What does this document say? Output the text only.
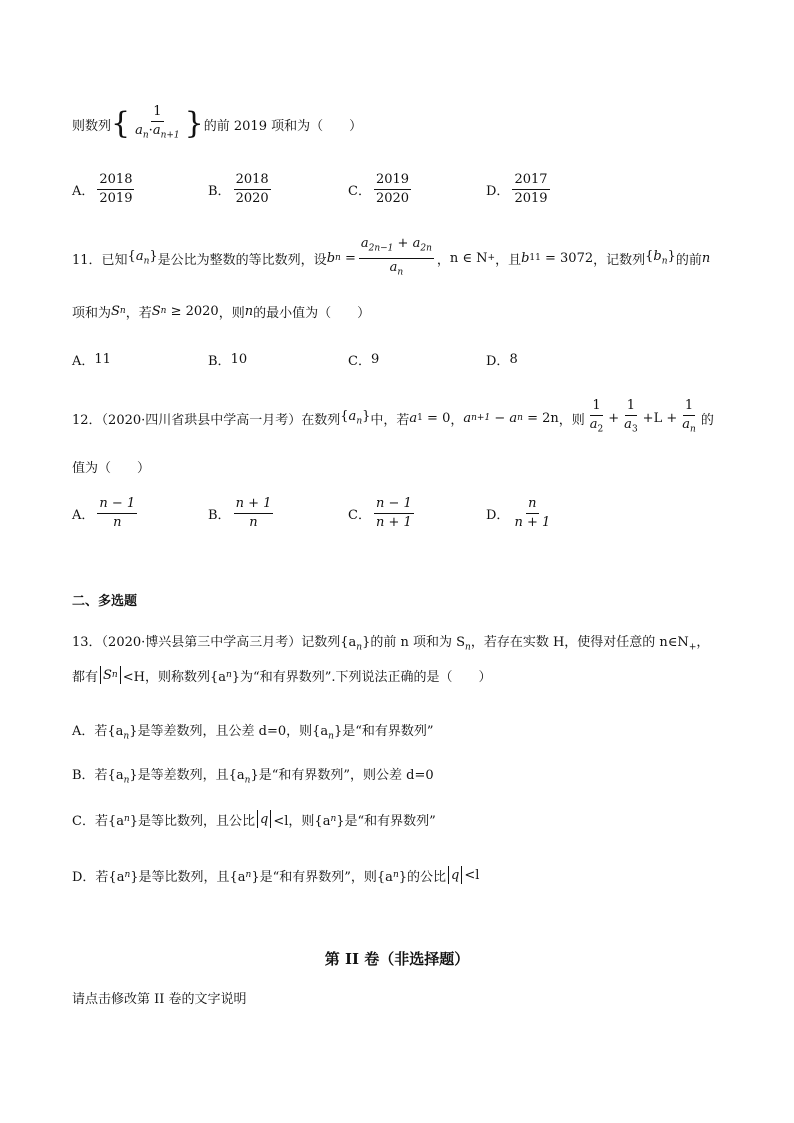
则数列 { $\frac{1}{a_n\cdot a_{n+1}}$ } 的前 2019 项和为（　　）
A． $\frac{2018}{2019}$	B． $\frac{2018}{2020}$	C． $\frac{2019}{2020}$	D． $\frac{2017}{2019}$
11．已知 $\{a_n\}$ 是公比为整数的等比数列，设 b $n = \frac{a_{2n-1} + a_{2n}}{a_n}$ ， n ∈ N + ，且 b 11
= 3072 ，记数列 $\{b_n\}$ 的前 n
项和为 S n ，若 S n
≥ 2020 ，则 n 的最小值为（　　）
A． 11	B． 10	C． 9	D． 8
12．（2020·四川省珙县中学高一月考）在数列 $\{a_n\}$ 中，若 a 1
= 0 ， a n+1 − a n
= 2n ，则 $\frac{1}{a_2} + \frac{1}{a_3} + L + \frac{1}{a_n}$ 的
值为（　　）
A． $\frac{n - 1}{n}$	B． $\frac{n + 1}{n}$	C． $\frac{n - 1}{n + 1}$	D． $\frac{n}{n + 1}$
二、多选题
13．（2020·博兴县第三中学高三月考）记数列$\{a_n\}$的前 n 项和为 $S_n$，若存在实数 H，使得对任意的 $n\in N_+$，
都有 S n <H，则称数列{a n }为“和有界数列”.下列说法正确的是（　　）
A．若$\{a_n\}$是等差数列，且公差 d=0，则$\{a_n\}$是“和有界数列”
B．若$\{a_n\}$是等差数列，且$\{a_n\}$是“和有界数列”，则公差 d=0
C．若{a n }是等比数列，且公比 q <l，则{a n }是“和有界数列”
D．若{a n }是等比数列，且{a n }是“和有界数列”，则{a n }的公比 q <l
第 II 卷（非选择题）
请点击修改第 II 卷的文字说明
